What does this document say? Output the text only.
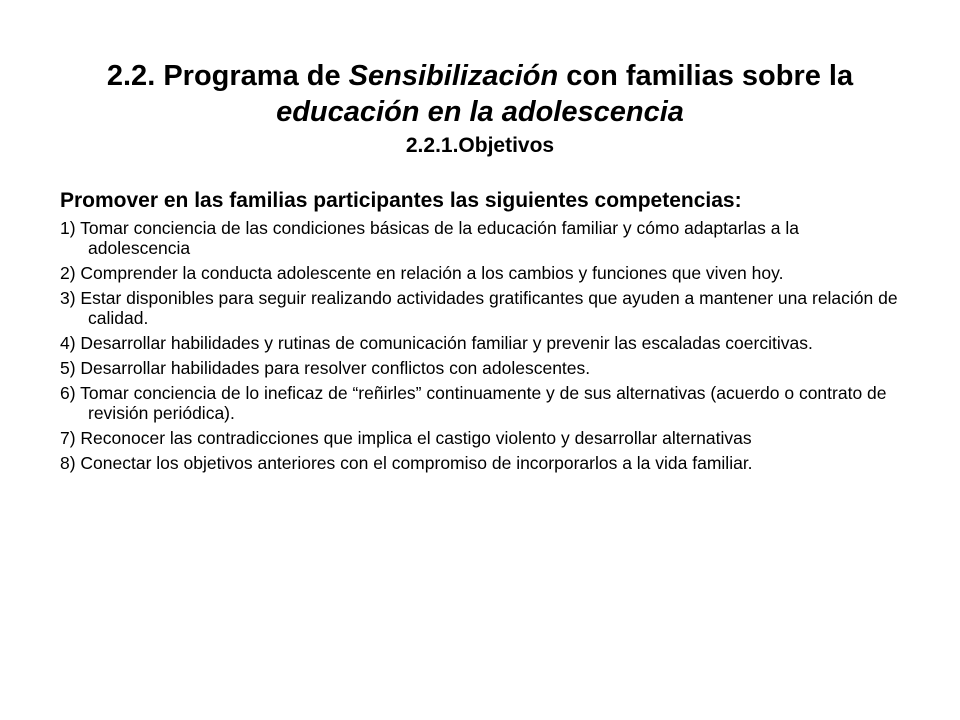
2.2. Programa de Sensibilización con familias sobre la

educación en la adolescencia

2.2.1.Objetivos

Promover en las familias participantes las siguientes competencias:

1) Tomar conciencia de las condiciones básicas de la educación familiar y cómo adaptarlas a la adolescencia

2) Comprender la conducta adolescente en relación a los cambios y funciones que viven hoy.

3) Estar disponibles para seguir realizando actividades gratificantes que ayuden a mantener una relación de calidad.

4) Desarrollar habilidades y rutinas de comunicación familiar y prevenir las escaladas coercitivas.

5) Desarrollar habilidades para resolver conflictos con adolescentes.

6) Tomar conciencia de lo ineficaz de “reñirles” continuamente y de sus alternativas (acuerdo o contrato de revisión periódica).

7) Reconocer las contradicciones que implica el castigo violento y desarrollar alternativas

8) Conectar los objetivos anteriores con el compromiso de incorporarlos a la vida familiar.
